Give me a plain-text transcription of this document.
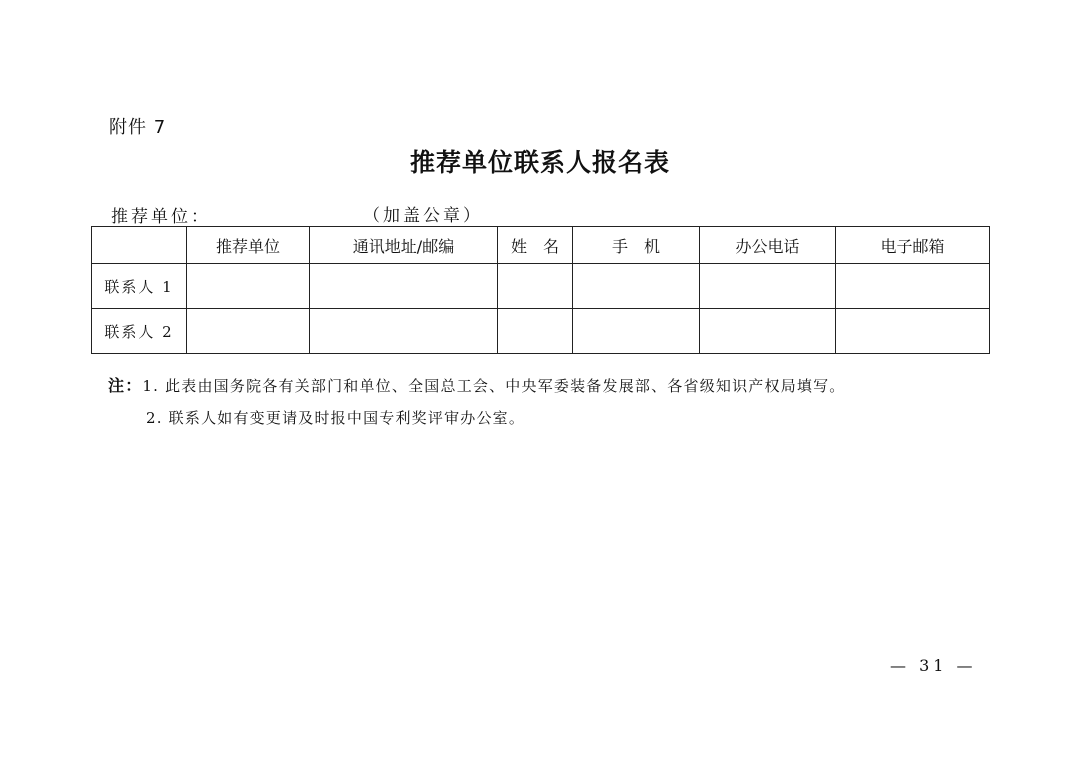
附件 7
推荐单位联系人报名表
推荐单位：	（加盖公章）
	推荐单位	通讯地址/邮编	姓　名	手　机	办公电话	电子邮箱
联系人 1						
联系人 2						
注：1. 此表由国务院各有关部门和单位、全国总工会、中央军委装备发展部、各省级知识产权局填写。
2. 联系人如有变更请及时报中国专利奖评审办公室。
— 31 —
